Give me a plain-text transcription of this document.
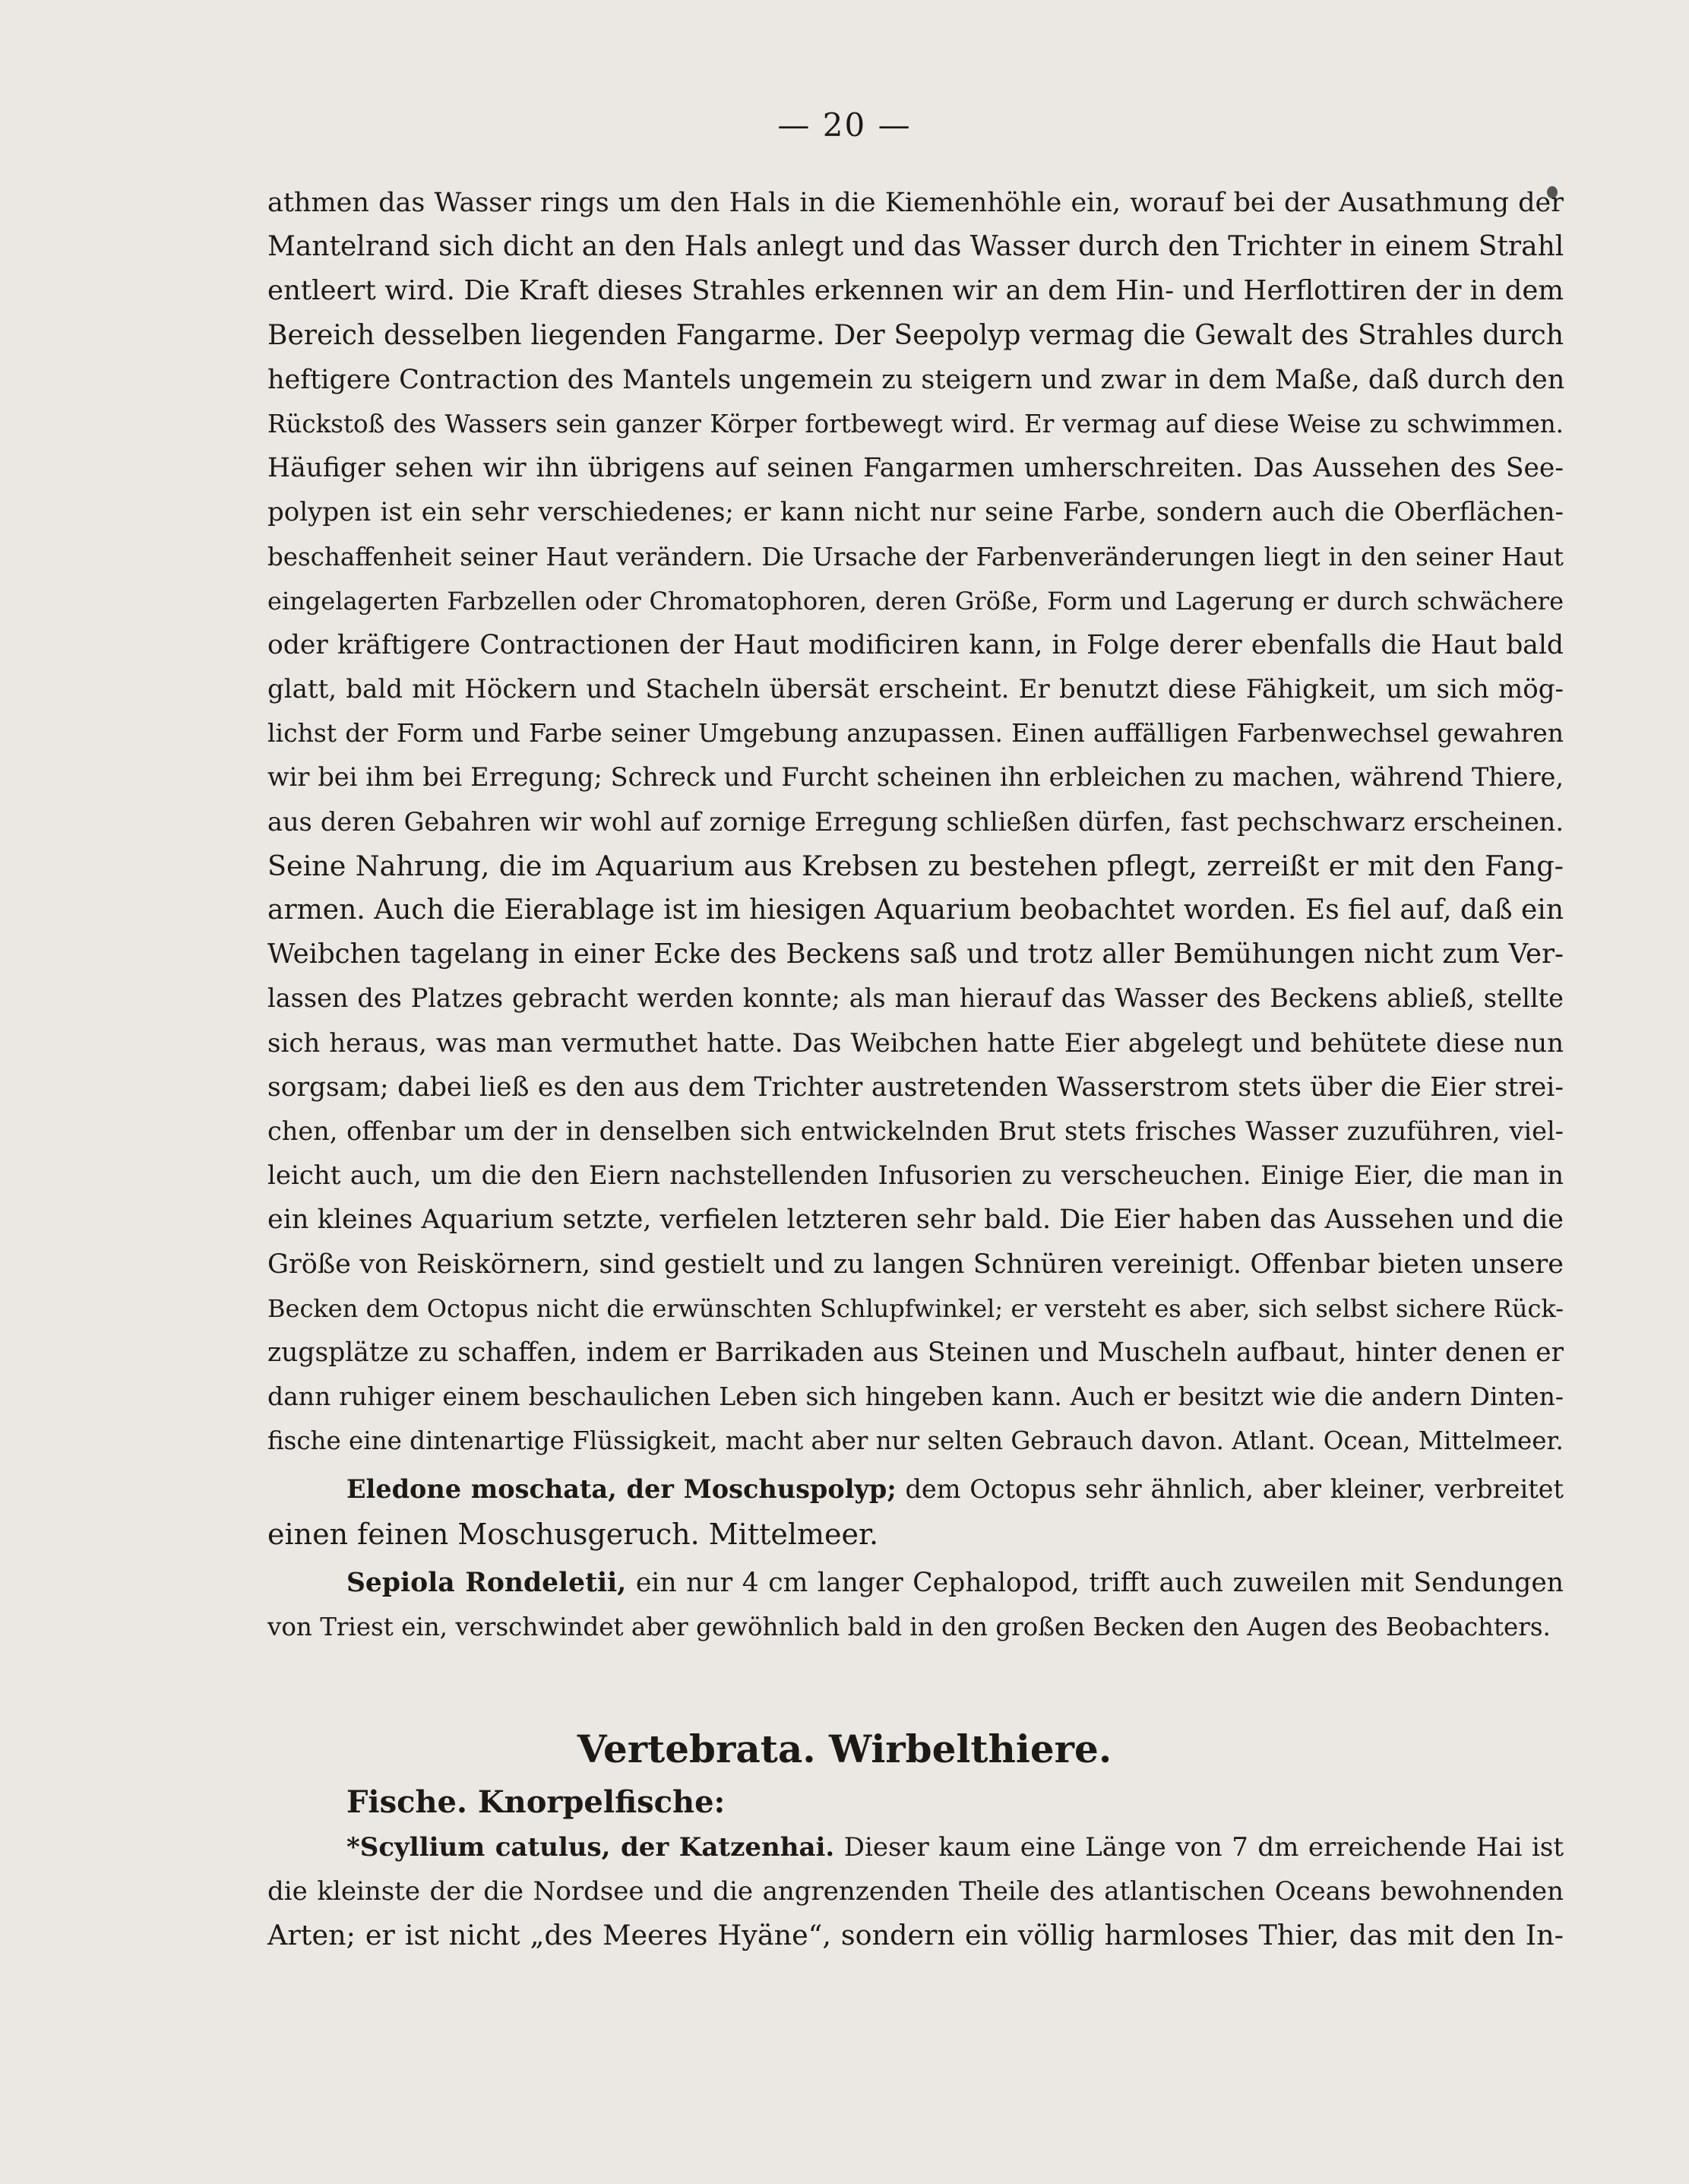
— 20 —
athmen das Wasser rings um den Hals in die Kiemenhöhle ein, worauf bei der Ausathmung der
Mantelrand sich dicht an den Hals anlegt und das Wasser durch den Trichter in einem Strahl
entleert wird. Die Kraft dieses Strahles erkennen wir an dem Hin- und Herflottiren der in dem
Bereich desselben liegenden Fangarme. Der Seepolyp vermag die Gewalt des Strahles durch
heftigere Contraction des Mantels ungemein zu steigern und zwar in dem Maße, daß durch den
Rückstoß des Wassers sein ganzer Körper fortbewegt wird. Er vermag auf diese Weise zu schwimmen.
Häufiger sehen wir ihn übrigens auf seinen Fangarmen umherschreiten. Das Aussehen des See-
polypen ist ein sehr verschiedenes; er kann nicht nur seine Farbe, sondern auch die Oberflächen-
beschaffenheit seiner Haut verändern. Die Ursache der Farbenveränderungen liegt in den seiner Haut
eingelagerten Farbzellen oder Chromatophoren, deren Größe, Form und Lagerung er durch schwächere
oder kräftigere Contractionen der Haut modificiren kann, in Folge derer ebenfalls die Haut bald
glatt, bald mit Höckern und Stacheln übersät erscheint. Er benutzt diese Fähigkeit, um sich mög-
lichst der Form und Farbe seiner Umgebung anzupassen. Einen auffälligen Farbenwechsel gewahren
wir bei ihm bei Erregung; Schreck und Furcht scheinen ihn erbleichen zu machen, während Thiere,
aus deren Gebahren wir wohl auf zornige Erregung schließen dürfen, fast pechschwarz erscheinen.
Seine Nahrung, die im Aquarium aus Krebsen zu bestehen pflegt, zerreißt er mit den Fang-
armen. Auch die Eierablage ist im hiesigen Aquarium beobachtet worden. Es fiel auf, daß ein
Weibchen tagelang in einer Ecke des Beckens saß und trotz aller Bemühungen nicht zum Ver-
lassen des Platzes gebracht werden konnte; als man hierauf das Wasser des Beckens abließ, stellte
sich heraus, was man vermuthet hatte. Das Weibchen hatte Eier abgelegt und behütete diese nun
sorgsam; dabei ließ es den aus dem Trichter austretenden Wasserstrom stets über die Eier strei-
chen, offenbar um der in denselben sich entwickelnden Brut stets frisches Wasser zuzuführen, viel-
leicht auch, um die den Eiern nachstellenden Infusorien zu verscheuchen. Einige Eier, die man in
ein kleines Aquarium setzte, verfielen letzteren sehr bald. Die Eier haben das Aussehen und die
Größe von Reiskörnern, sind gestielt und zu langen Schnüren vereinigt. Offenbar bieten unsere
Becken dem Octopus nicht die erwünschten Schlupfwinkel; er versteht es aber, sich selbst sichere Rück-
zugsplätze zu schaffen, indem er Barrikaden aus Steinen und Muscheln aufbaut, hinter denen er
dann ruhiger einem beschaulichen Leben sich hingeben kann. Auch er besitzt wie die andern Dinten-
fische eine dintenartige Flüssigkeit, macht aber nur selten Gebrauch davon. Atlant. Ocean, Mittelmeer.
Eledone moschata, der Moschuspolyp; dem Octopus sehr ähnlich, aber kleiner, verbreitet
einen feinen Moschusgeruch. Mittelmeer.
Sepiola Rondeletii, ein nur 4 cm langer Cephalopod, trifft auch zuweilen mit Sendungen
von Triest ein, verschwindet aber gewöhnlich bald in den großen Becken den Augen des Beobachters.
Vertebrata. Wirbelthiere.
Fische. Knorpelfische:
*Scyllium catulus, der Katzenhai. Dieser kaum eine Länge von 7 dm erreichende Hai ist
die kleinste der die Nordsee und die angrenzenden Theile des atlantischen Oceans bewohnenden
Arten; er ist nicht „des Meeres Hyäne“, sondern ein völlig harmloses Thier, das mit den In-
